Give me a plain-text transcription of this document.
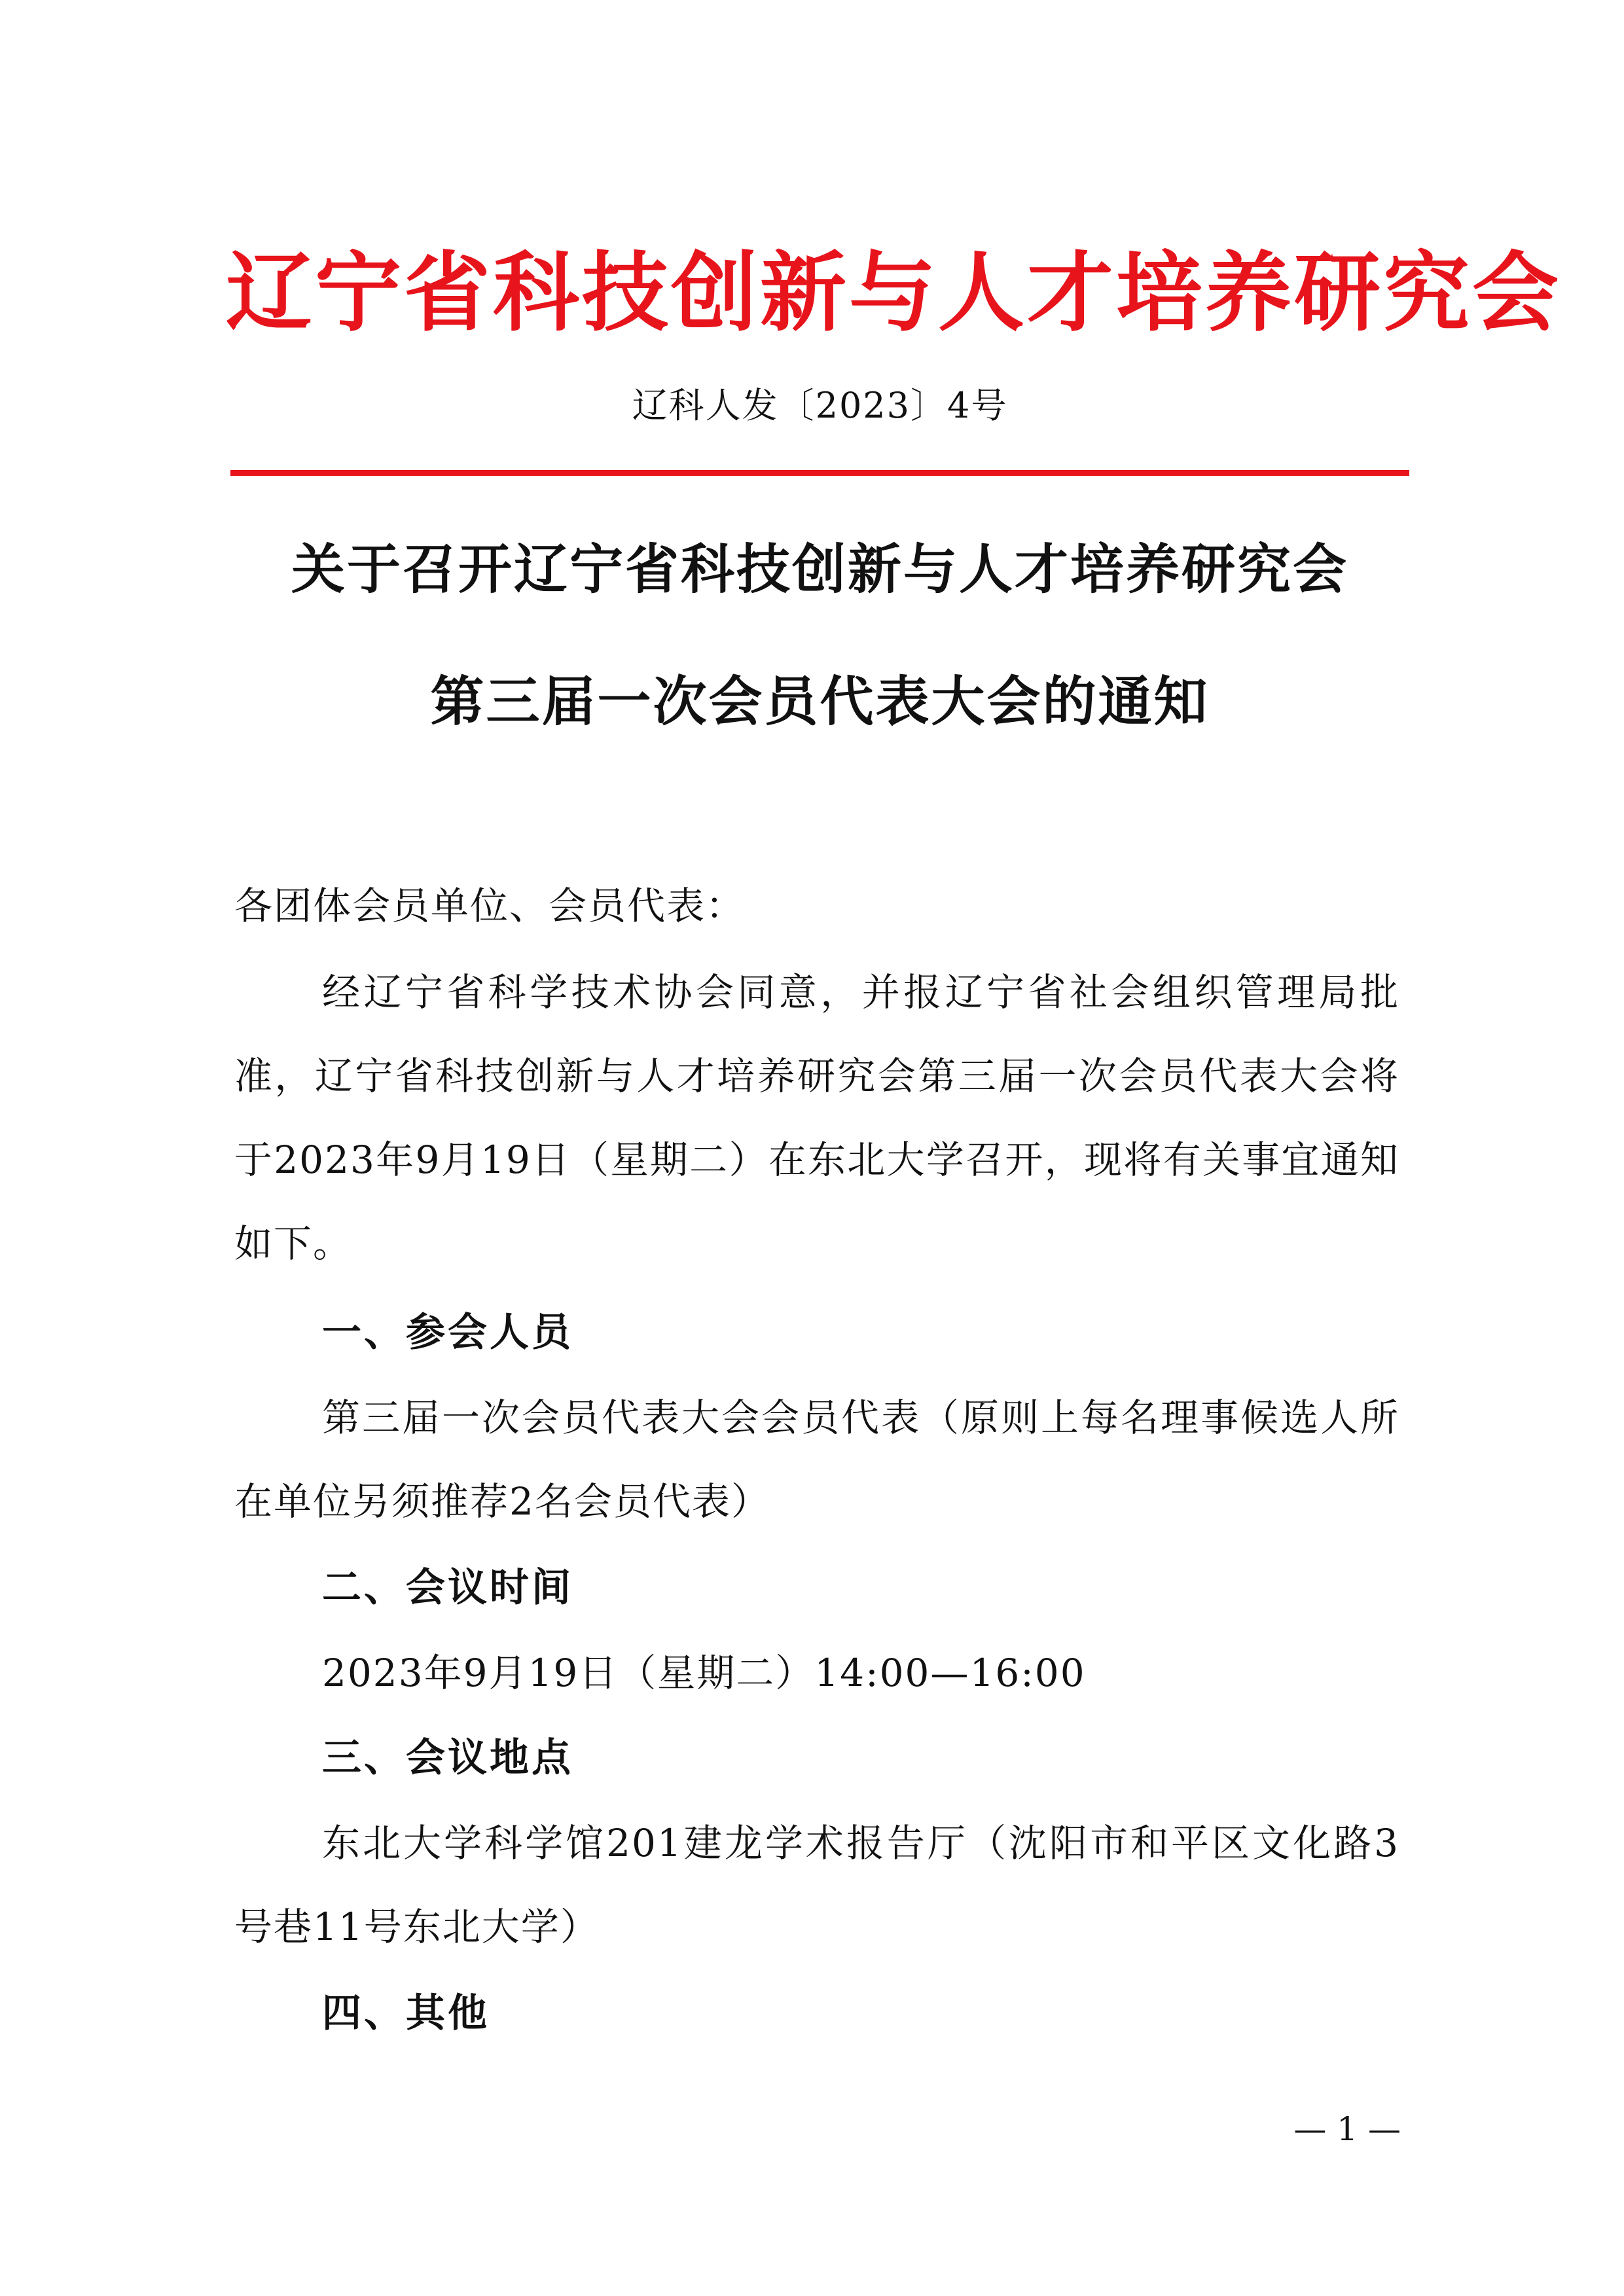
辽宁省科技创新与人才培养研究会
辽科人发〔2023〕4号
关于召开辽宁省科技创新与人才培养研究会
第三届一次会员代表大会的通知

各团体会员单位、会员代表：

经辽宁省科学技术协会同意，并报辽宁省社会组织管理局批准，辽宁省科技创新与人才培养研究会第三届一次会员代表大会将于2023年9月19日（星期二）在东北大学召开，现将有关事宜通知如下。

一、参会人员

第三届一次会员代表大会会员代表（原则上每名理事候选人所在单位另须推荐2名会员代表）

二、会议时间

2023年9月19日（星期二）14:00—16:00

三、会议地点

东北大学科学馆201建龙学术报告厅（沈阳市和平区文化路3号巷11号东北大学）

四、其他
— 1 —
